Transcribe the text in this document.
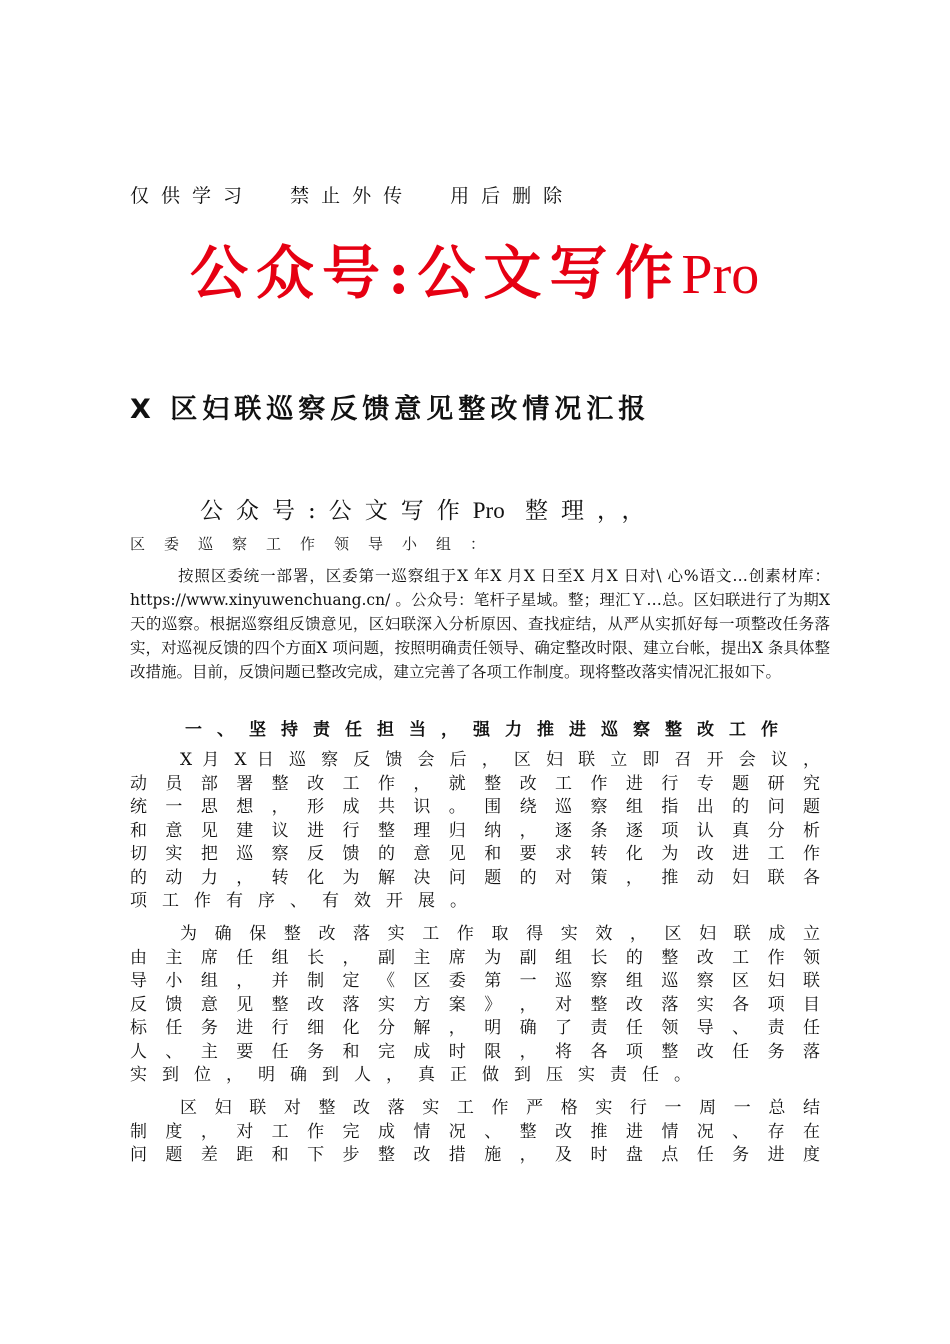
仅供学习  禁止外传  用后删除
公众号:公文写作Pro
X 区妇联巡察反馈意见整改情况汇报
公众号:公文写作Pro 整理，，
区委巡察工作领导小组：
按照区委统一部署，区委第一巡察组于X 年X 月X 日至X 月X 日对\ 心%语文…创素材库：https://www.xinyuwenchuang.cn/ 。公众号：笔杆子星域。整；理汇Ｙ…总。区妇联进行了为期X 天的巡察。根据巡察组反馈意见，区妇联深入分析原因、查找症结，从严从实抓好每一项整改任务落实，对巡视反馈的四个方面X 项问题，按照明确责任领导、确定整改时限、建立台帐，提出X 条具体整改措施。目前，反馈问题已整改完成，建立完善了各项工作制度。现将整改落实情况汇报如下。
一、坚持责任担当，强力推进巡察整改工作
X 月 X 日 巡 察 反 馈 会 后 ， 区 妇 联 立 即 召 开 会 议 ，
动 员 部 署 整 改 工 作 ， 就 整 改 工 作 进 行 专 题 研 究
统 一 思 想 ， 形 成 共 识 。 围 绕 巡 察 组 指 出 的 问 题
和 意 见 建 议 进 行 整 理 归 纳 ， 逐 条 逐 项 认 真 分 析
切 实 把 巡 察 反 馈 的 意 见 和 要 求 转 化 为 改 进 工 作
的 动 力 ， 转 化 为 解 决 问 题 的 对 策 ， 推 动 妇 联 各
项工作有序、有效开展。
为 确 保 整 改 落 实 工 作 取 得 实 效 ， 区 妇 联 成 立
由 主 席 任 组 长 ， 副 主 席 为 副 组 长 的 整 改 工 作 领
导 小 组 ， 并 制 定 《 区 委 第 一 巡 察 组 巡 察 区 妇 联
反 馈 意 见 整 改 落 实 方 案 》 ， 对 整 改 落 实 各 项 目
标 任 务 进 行 细 化 分 解 ， 明 确 了 责 任 领 导 、 责 任
人 、 主 要 任 务 和 完 成 时 限 ， 将 各 项 整 改 任 务 落
实到位，明确到人，真正做到压实责任。
区 妇 联 对 整 改 落 实 工 作 严 格 实 行 一 周 一 总 结
制 度 ， 对 工 作 完 成 情 况 、 整 改 推 进 情 况 、 存 在
问 题 差 距 和 下 步 整 改 措 施 ， 及 时 盘 点 任 务 进 度
